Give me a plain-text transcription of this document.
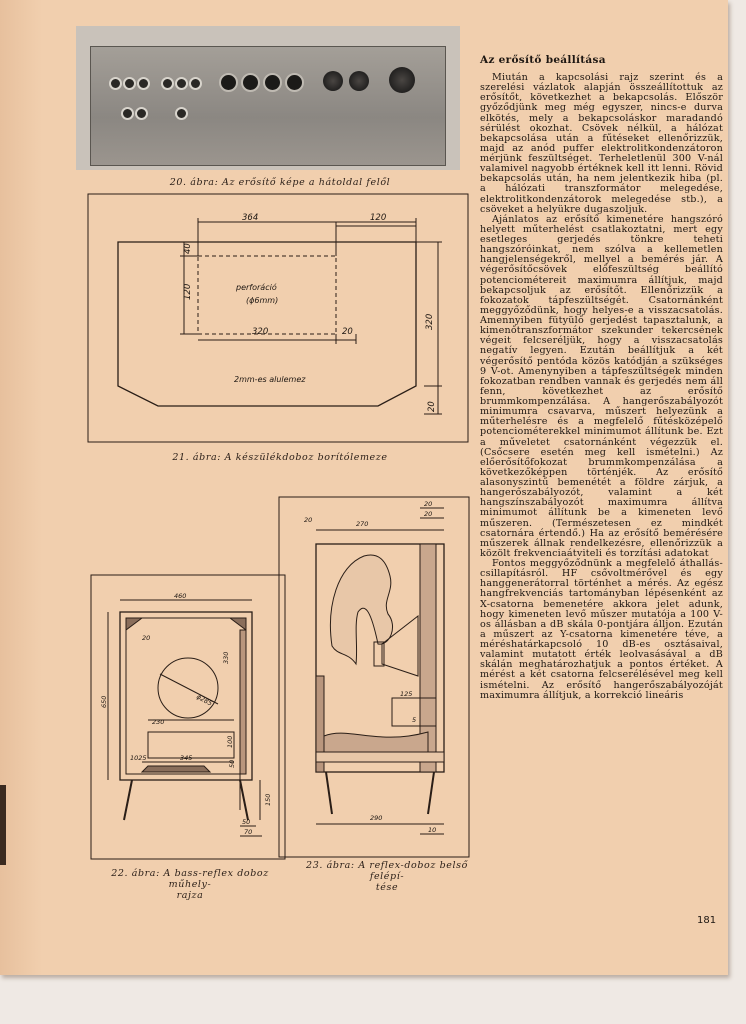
20. ábra: Az erősítő képe a hátoldal felől
364	120
40
120	perforáció
(ϕ6mm)
320	20
320
2mm-es alulemez
20
21. ábra: A készülékdoboz borítólemeze
460
20
650
330
ϕ285
230
100
1025	345
50
150
50
70
22. ábra: A bass-reflex doboz műhely-
rajza
20	270
20
20
125
5
290
10
23. ábra: A reflex-doboz belső felépí-
tése
Az erősítő beállítása

Miután a kapcsolási rajz szerint és a szerelési vázlatok alapján összeállítottuk az erősítőt, következhet a bekapcsolás. Először győződjünk meg még egyszer, nincs-e durva elkötés, mely a bekapcsoláskor maradandó sérülést okozhat. Csövek nélkül, a hálózat bekapcsolása után a fűtéseket ellenőrizzük, majd az anód puffer elektrolitkondenzátoron mérjünk feszültséget. Terheletlenül 300 V-nál valamivel nagyobb értéknek kell itt lenni. Rövid bekapcsolás után, ha nem jelentkezik hiba (pl. a hálózati transzformátor melegedése, elektrolitkondenzátorok melegedése stb.), a csöveket a helyükre dugaszoljuk.

Ajánlatos az erősítő kimenetére hangszóró helyett műterhelést csatlakoztatni, mert egy esetleges gerjedés tönkre teheti hangszóróinkat, nem szólva a kellemetlen hangjelenségekről, mellyel a bemérés jár. A végerősítőcsövek előfeszültség beállító potenciométereit maximumra állítjuk, majd bekapcsoljuk az erősítőt. Ellenőrizzük a fokozatok tápfeszültségét. Csatornánként meggyőződünk, hogy helyes-e a visszacsatolás. Amennyiben fütyülő gerjedést tapasztalunk, a kimenőtranszformátor szekunder tekercsének végeit felcseréljük, hogy a visszacsatolás negatív legyen. Ezután beállítjuk a két végerősítő pentóda közös katódján a szükséges 9 V-ot. Amenynyiben a tápfeszültségek minden fokozatban rendben vannak és gerjedés nem áll fenn, következhet az erősítő brummkompenzálása. A hangerőszabályozót minimumra csavarva, műszert helyezünk a műterhelésre és a megfelelő fűtésközépelő potenciométerekkel minimumot állítunk be. Ezt a műveletet csatornánként végezzük el. (Csőcsere esetén meg kell ismételni.) Az előerősítőfokozat brummkompenzálása a következőképpen történjék. Az erősítő alasonyszintű bemenétét a földre zárjuk, a hangerőszabályozót, valamint a két hangszínszabályozót maximumra állítva minimumot állítunk be a kimeneten levő műszeren. (Természetesen ez mindkét csatornára értendő.) Ha az erősítő bemérésére műszerek állnak rendelkezésre, ellenőrizzük a közölt frekvenciaátviteli és torzítási adatokat

Fontos meggyőződnünk a megfelelő áthallás-csillapításról. HF csővoltmérővel és egy hanggenerátorral történhet a mérés. Az egész hangfrekvenciás tartományban lépésenként az X-csatorna bemenetére akkora jelet adunk, hogy kimeneten levő műszer mutatója a 100 V-os állásban a dB skála 0-pontjára álljon. Ezután a műszert az Y-csatorna kimenetére téve, a méréshatárkapcsoló 10 dB-es osztásaival, valamint mutatott érték leolvasásával a dB skálán meghatározhatjuk a pontos értéket. A mérést a két csatorna felcserélésével meg kell ismételni. Az erősítő hangerőszabályozóját maximumra állítjuk, a korrekció lineáris

181
